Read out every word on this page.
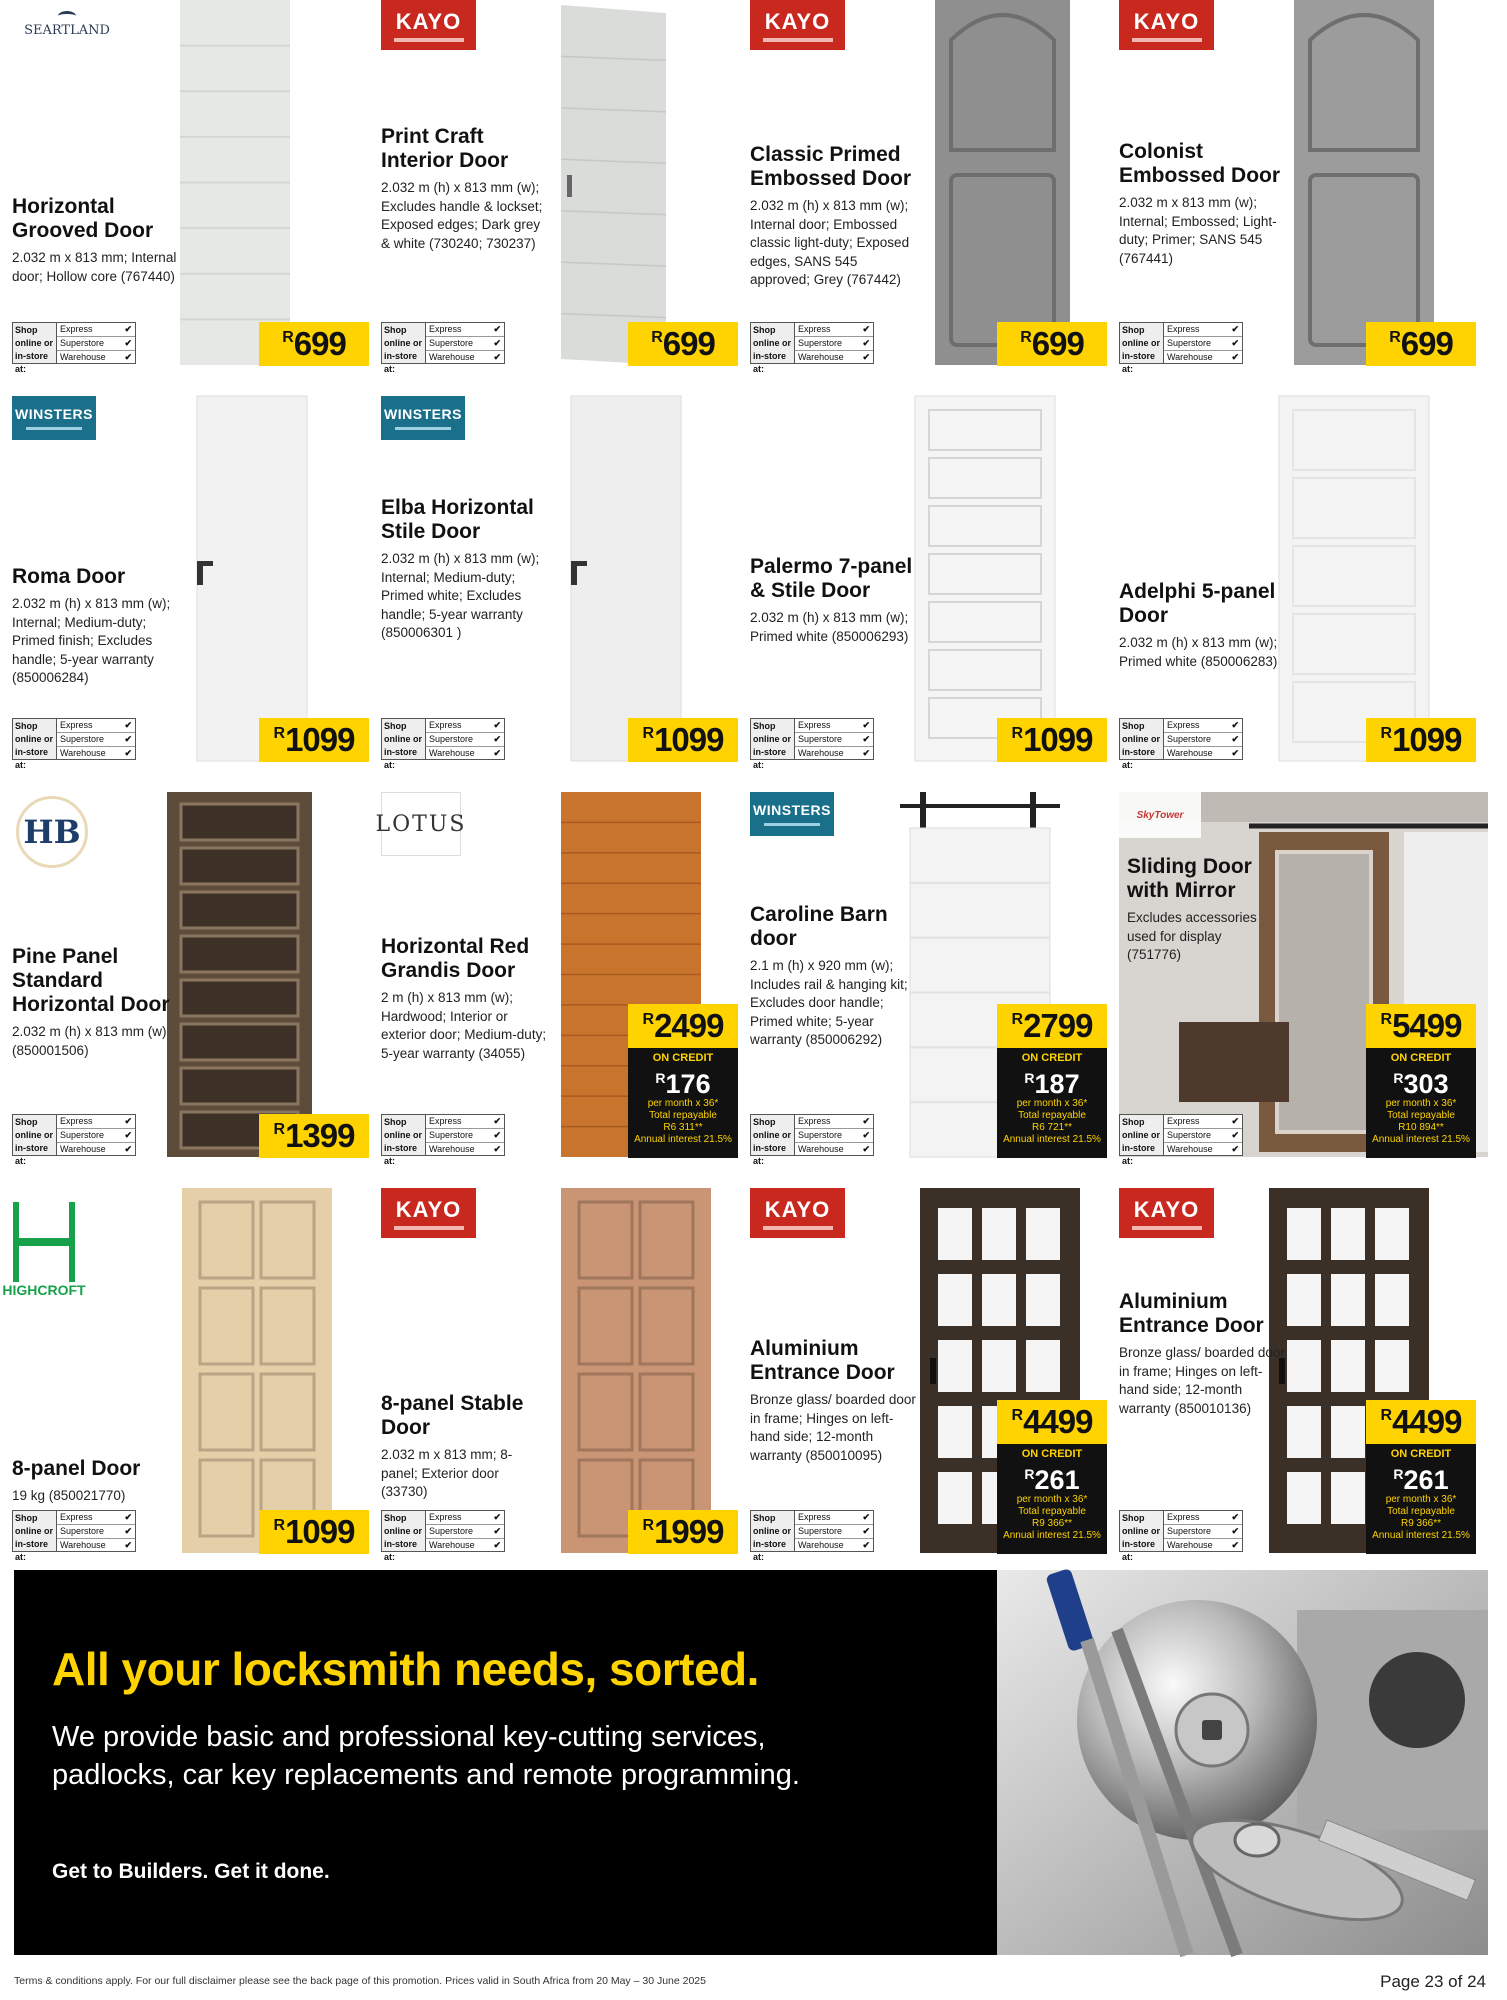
SEARTLAND
Horizontal Grooved Door
2.032 m x 813 mm; Internal door; Hollow core (767440)
Shop online or in-store at:
Express	✔
Superstore ✔
Warehouse ✔
R 699
KAYO
Print Craft Interior Door
2.032 m (h) x 813 mm (w); Excludes handle & lockset; Exposed edges; Dark grey & white (730240; 730237)
Shop online or in-store at:
Express	✔
Superstore ✔
Warehouse ✔
R 699
KAYO
Classic Primed Embossed Door
2.032 m (h) x 813 mm (w); Internal door; Embossed classic light-duty; Exposed edges, SANS 545 approved; Grey (767442)
Shop online or in-store at:
Express	✔
Superstore ✔
Warehouse ✔
R 699
KAYO
Colonist Embossed Door
2.032 m x 813 mm (w); Internal; Embossed; Light-duty; Primer; SANS 545 (767441)
Shop online or in-store at:
Express	✔
Superstore ✔
Warehouse ✔
R 699
WINSTERS
Roma Door
2.032 m (h) x 813 mm (w); Internal; Medium-duty; Primed finish; Excludes handle; 5-year warranty (850006284)
Shop online or in-store at:
Express	✔
Superstore ✔
Warehouse ✔
R 1099
WINSTERS
Elba Horizontal Stile Door
2.032 m (h) x 813 mm (w); Internal; Medium-duty; Primed white; Excludes handle; 5-year warranty (850006301 )
Shop online or in-store at:
Express	✔
Superstore ✔
Warehouse ✔
R 1099
Palermo 7-panel & Stile Door
2.032 m (h) x 813 mm (w); Primed white (850006293)
Shop online or in-store at:
Express	✔
Superstore ✔
Warehouse ✔
R 1099
Adelphi 5-panel Door
2.032 m (h) x 813 mm (w); Primed white (850006283)
Shop online or in-store at:
Express	✔
Superstore ✔
Warehouse ✔
R 1099
HB
Pine Panel Standard Horizontal Door
2.032 m (h) x 813 mm (w) (850001506)
Shop online or in-store at:
Express	✔
Superstore ✔
Warehouse ✔
R 1399
LOTUS
Horizontal Red Grandis Door
2 m (h) x 813 mm (w); Hardwood; Interior or exterior door; Medium-duty; 5-year warranty (34055)
Shop online or in-store at:
Express	✔
Superstore ✔
Warehouse ✔
R 2499
ON CREDIT
$^R$176
per month x 36*
Total repayable
R6 311**
Annual interest 21.5%
WINSTERS
Caroline Barn door
2.1 m (h) x 920 mm (w); Includes rail & hanging kit; Excludes door handle; Primed white; 5-year warranty (850006292)
Shop online or in-store at:
Express	✔
Superstore ✔
Warehouse ✔
R 2799
ON CREDIT
$^R$187
per month x 36*
Total repayable
R6 721**
Annual interest 21.5%
SkyTower
Sliding Door with Mirror
Excludes accessories used for display (751776)
Shop online or in-store at:
Express	✔
Superstore ✔
Warehouse ✔
R 5499
ON CREDIT
$^R$303
per month x 36*
Total repayable
R10 894**
Annual interest 21.5%
HIGHCROFT
8-panel Door
19 kg (850021770)
Shop online or in-store at:
Express	✔
Superstore ✔
Warehouse ✔
R 1099
KAYO
8-panel Stable Door
2.032 m x 813 mm; 8-panel; Exterior door (33730)
Shop online or in-store at:
Express	✔
Superstore ✔
Warehouse ✔
R 1999
KAYO
Aluminium Entrance Door
Bronze glass/ boarded door in frame; Hinges on left-hand side; 12-month warranty (850010095)
Shop online or in-store at:
Express	✔
Superstore ✔
Warehouse ✔
R 4499
ON CREDIT
$^R$261
per month x 36*
Total repayable
R9 366**
Annual interest 21.5%
KAYO
Aluminium Entrance Door
Bronze glass/ boarded door in frame; Hinges on left-hand side; 12-month warranty (850010136)
Shop online or in-store at:
Express	✔
Superstore ✔
Warehouse ✔
R 4499
ON CREDIT
$^R$261
per month x 36*
Total repayable
R9 366**
Annual interest 21.5%
All your locksmith needs, sorted.

We provide basic and professional key-cutting services, padlocks, car key replacements and remote programming.

Get to Builders. Get it done.
Terms & conditions apply. For our full disclaimer please see the back page of this promotion. Prices valid in South Africa from 20 May – 30 June 2025	Page 23 of 24
